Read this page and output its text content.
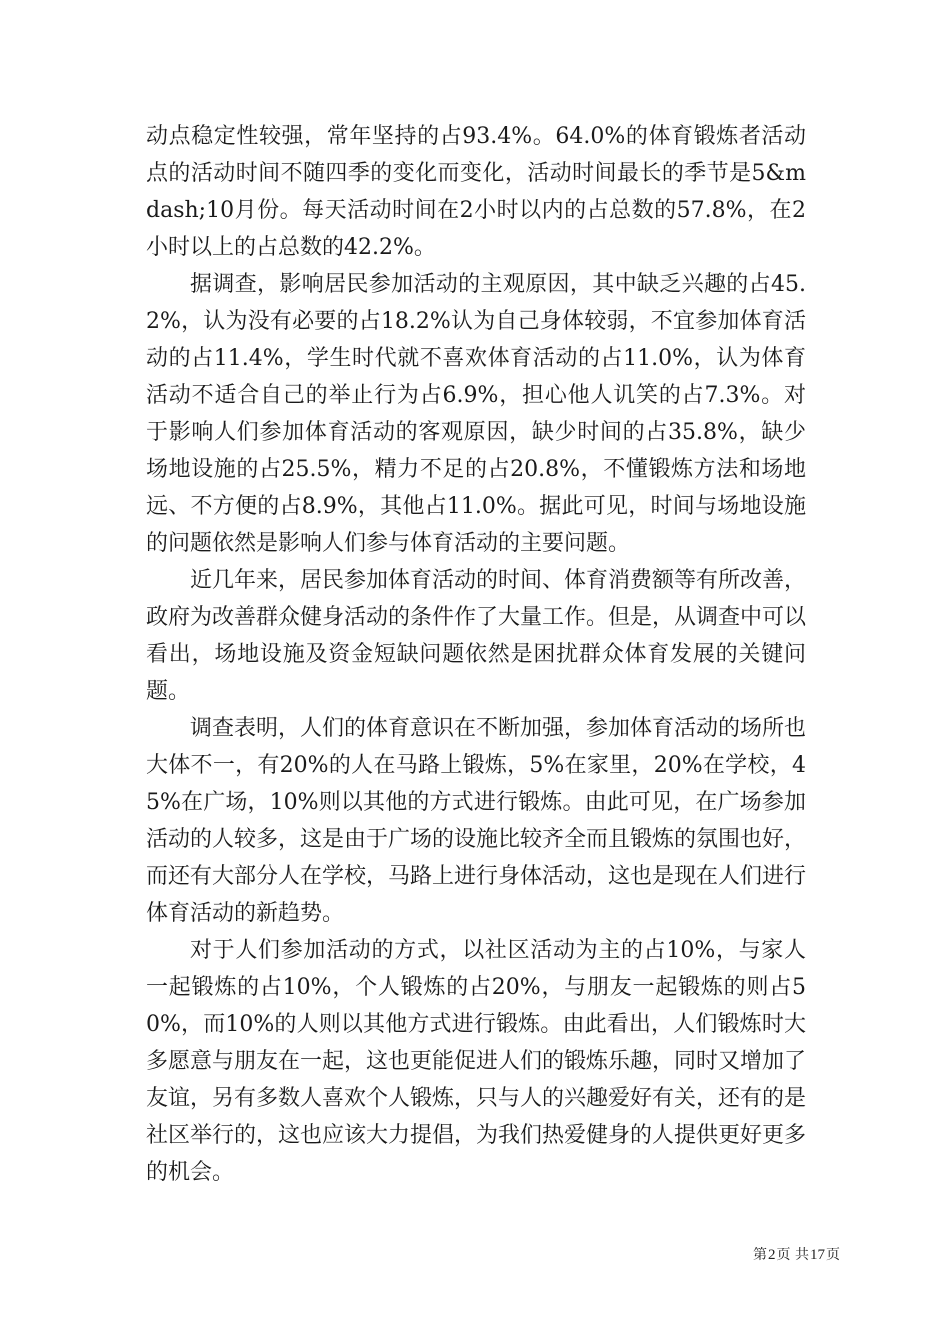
动点稳定性较强，常年坚持的占93.4%。64.0%的体育锻炼者活动点的活动时间不随四季的变化而变化，活动时间最长的季节是5&mdash;10月份。每天活动时间在2小时以内的占总数的57.8%，在2小时以上的占总数的42.2%。

据调查，影响居民参加活动的主观原因，其中缺乏兴趣的占45.2%，认为没有必要的占18.2%认为自己身体较弱，不宜参加体育活动的占11.4%，学生时代就不喜欢体育活动的占11.0%，认为体育活动不适合自己的举止行为占6.9%，担心他人讥笑的占7.3%。对于影响人们参加体育活动的客观原因，缺少时间的占35.8%，缺少场地设施的占25.5%，精力不足的占20.8%，不懂锻炼方法和场地远、不方便的占8.9%，其他占11.0%。据此可见，时间与场地设施的问题依然是影响人们参与体育活动的主要问题。

近几年来，居民参加体育活动的时间、体育消费额等有所改善，政府为改善群众健身活动的条件作了大量工作。但是，从调查中可以看出，场地设施及资金短缺问题依然是困扰群众体育发展的关键问题。

调查表明，人们的体育意识在不断加强，参加体育活动的场所也大体不一，有20%的人在马路上锻炼，5%在家里，20%在学校，45%在广场，10%则以其他的方式进行锻炼。由此可见，在广场参加活动的人较多，这是由于广场的设施比较齐全而且锻炼的氛围也好，而还有大部分人在学校，马路上进行身体活动，这也是现在人们进行体育活动的新趋势。

对于人们参加活动的方式，以社区活动为主的占10%，与家人一起锻炼的占10%，个人锻炼的占20%，与朋友一起锻炼的则占50%，而10%的人则以其他方式进行锻炼。由此看出，人们锻炼时大多愿意与朋友在一起，这也更能促进人们的锻炼乐趣，同时又增加了友谊，另有多数人喜欢个人锻炼，只与人的兴趣爱好有关，还有的是社区举行的，这也应该大力提倡，为我们热爱健身的人提供更好更多的机会。

第2页 共17页
